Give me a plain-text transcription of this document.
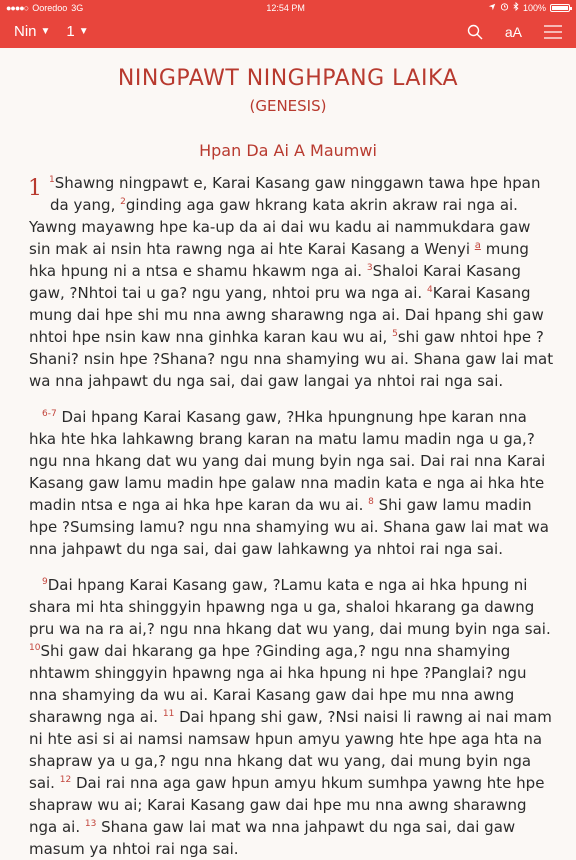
●●●●○ Ooredoo 3G	12:54 PM	100%
Nin ▼ 1 ▼	aA
NINGPAWT NINGHPANG LAIKA
(GENESIS)
Hpan Da Ai A Maumwi

1 $^1$Shawng ningpawt e, Karai Kasang gaw ninggawn tawa hpe hpan da yang, $^2$ginding aga gaw hkrang kata akrin akraw rai nga ai. Yawng mayawng hpe ka-up da ai dai wu kadu ai nammukdara gaw sin mak ai nsin hta rawng nga ai hte Karai Kasang a Wenyi $^a$ mung hka hpung ni a ntsa e shamu hkawm nga ai. $^3$Shaloi Karai Kasang gaw, ?Nhtoi tai u ga? ngu yang, nhtoi pru wa nga ai. $^4$Karai Kasang mung dai hpe shi mu nna awng sharawng nga ai. Dai hpang shi gaw nhtoi hpe nsin kaw nna ginhka karan kau wu ai, $^5$shi gaw nhtoi hpe ?Shani? nsin hpe ?Shana? ngu nna shamying wu ai. Shana gaw lai mat wa nna jahpawt du nga sai, dai gaw langai ya nhtoi rai nga sai.

$^{6-7}$ Dai hpang Karai Kasang gaw, ?Hka hpungnung hpe karan nna hka hte hka lahkawng brang karan na matu lamu madin nga u ga,? ngu nna hkang dat wu yang dai mung byin nga sai. Dai rai nna Karai Kasang gaw lamu madin hpe galaw nna madin kata e nga ai hka hte madin ntsa e nga ai hka hpe karan da wu ai. $^8$ Shi gaw lamu madin hpe ?Sumsing lamu? ngu nna shamying wu ai. Shana gaw lai mat wa nna jahpawt du nga sai, dai gaw lahkawng ya nhtoi rai nga sai.

$^9$Dai hpang Karai Kasang gaw, ?Lamu kata e nga ai hka hpung ni shara mi hta shinggyin hpawng nga u ga, shaloi hkarang ga dawng pru wa na ra ai,? ngu nna hkang dat wu yang, dai mung byin nga sai. $^{10}$Shi gaw dai hkarang ga hpe ?Ginding aga,? ngu nna shamying nhtawm shinggyin hpawng nga ai hka hpung ni hpe ?Panglai? ngu nna shamying da wu ai. Karai Kasang gaw dai hpe mu nna awng sharawng nga ai. $^{11}$ Dai hpang shi gaw, ?Nsi naisi li rawng ai nai mam ni hte asi si ai namsi namsaw hpun amyu yawng hte hpe aga hta na shapraw ya u ga,? ngu nna hkang dat wu yang, dai mung byin nga sai. $^{12}$ Dai rai nna aga gaw hpun amyu hkum sumhpa yawng hte hpe shapraw wu ai; Karai Kasang gaw dai hpe mu nna awng sharawng nga ai. $^{13}$ Shana gaw lai mat wa nna jahpawt du nga sai, dai gaw masum ya nhtoi rai nga sai.
